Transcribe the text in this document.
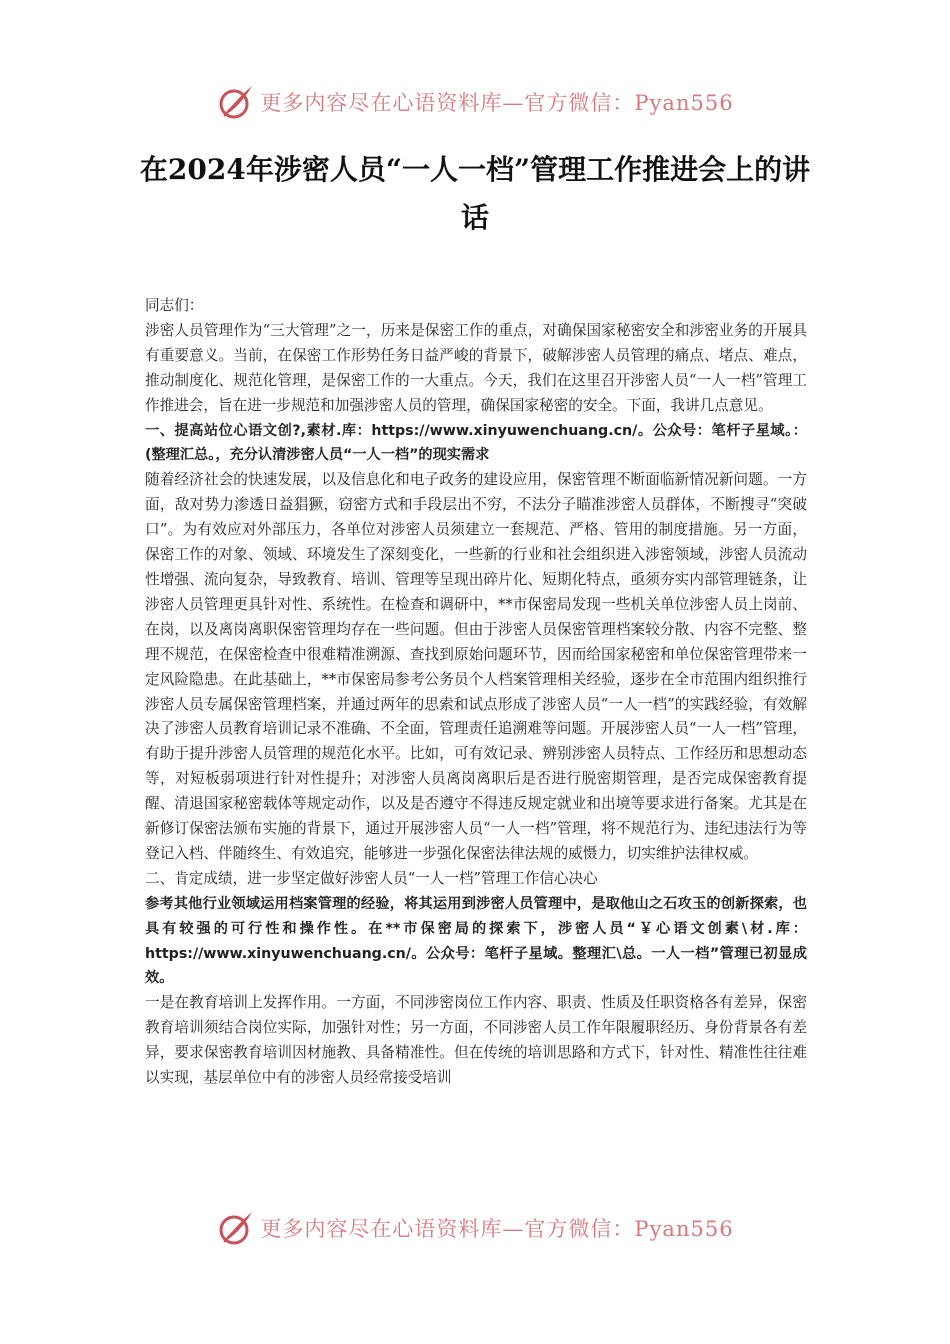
更多内容尽在心语资料库—官方微信：Pyan556
在2024年涉密人员“一人一档”管理工作推进会上的讲话

同志们：

涉密人员管理作为“三大管理”之一，历来是保密工作的重点，对确保国家秘密安全和涉密业务的开展具有重要意义。当前，在保密工作形势任务日益严峻的背景下，破解涉密人员管理的痛点、堵点、难点，推动制度化、规范化管理，是保密工作的一大重点。今天，我们在这里召开涉密人员“一人一档”管理工作推进会，旨在进一步规范和加强涉密人员的管理，确保国家秘密的安全。下面，我讲几点意见。

一、提高站位心语文创?,素材.库：https://www.xinyuwenchuang.cn/。公众号：笔杆子星域。：(整理汇总。，充分认清涉密人员“一人一档”的现实需求

随着经济社会的快速发展，以及信息化和电子政务的建设应用，保密管理不断面临新情况新问题。一方面，敌对势力渗透日益猖獗，窃密方式和手段层出不穷，不法分子瞄准涉密人员群体，不断搜寻“突破口”。为有效应对外部压力，各单位对涉密人员须建立一套规范、严格、管用的制度措施。另一方面，保密工作的对象、领域、环境发生了深刻变化，一些新的行业和社会组织进入涉密领域，涉密人员流动性增强、流向复杂，导致教育、培训、管理等呈现出碎片化、短期化特点，亟须夯实内部管理链条，让涉密人员管理更具针对性、系统性。在检查和调研中，**市保密局发现一些机关单位涉密人员上岗前、在岗，以及离岗离职保密管理均存在一些问题。但由于涉密人员保密管理档案较分散、内容不完整、整理不规范，在保密检查中很难精准溯源、查找到原始问题环节，因而给国家秘密和单位保密管理带来一定风险隐患。在此基础上，**市保密局参考公务员个人档案管理相关经验，逐步在全市范围内组织推行涉密人员专属保密管理档案，并通过两年的思索和试点形成了涉密人员“一人一档”的实践经验，有效解决了涉密人员教育培训记录不准确、不全面，管理责任追溯难等问题。开展涉密人员“一人一档”管理，有助于提升涉密人员管理的规范化水平。比如，可有效记录、辨别涉密人员特点、工作经历和思想动态等，对短板弱项进行针对性提升；对涉密人员离岗离职后是否进行脱密期管理，是否完成保密教育提醒、清退国家秘密载体等规定动作，以及是否遵守不得违反规定就业和出境等要求进行备案。尤其是在新修订保密法颁布实施的背景下，通过开展涉密人员“一人一档”管理，将不规范行为、违纪违法行为等登记入档、伴随终生、有效追究，能够进一步强化保密法律法规的威慑力，切实维护法律权威。

二、肯定成绩，进一步坚定做好涉密人员“一人一档”管理工作信心决心

参考其他行业领域运用档案管理的经验，将其运用到涉密人员管理中，是取他山之石攻玉的创新探索，也具有较强的可行性和操作性。在**市保密局的探索下，涉密人员“￥心语文创素\材.库：https://www.xinyuwenchuang.cn/。公众号：笔杆子星域。整理汇\总。一人一档”管理已初显成效。

一是在教育培训上发挥作用。一方面，不同涉密岗位工作内容、职责、性质及任职资格各有差异，保密教育培训须结合岗位实际，加强针对性；另一方面，不同涉密人员工作年限履职经历、身份背景各有差异，要求保密教育培训因材施教、具备精准性。但在传统的培训思路和方式下，针对性、精准性往往难以实现，基层单位中有的涉密人员经常接受培训

更多内容尽在心语资料库—官方微信：Pyan556
